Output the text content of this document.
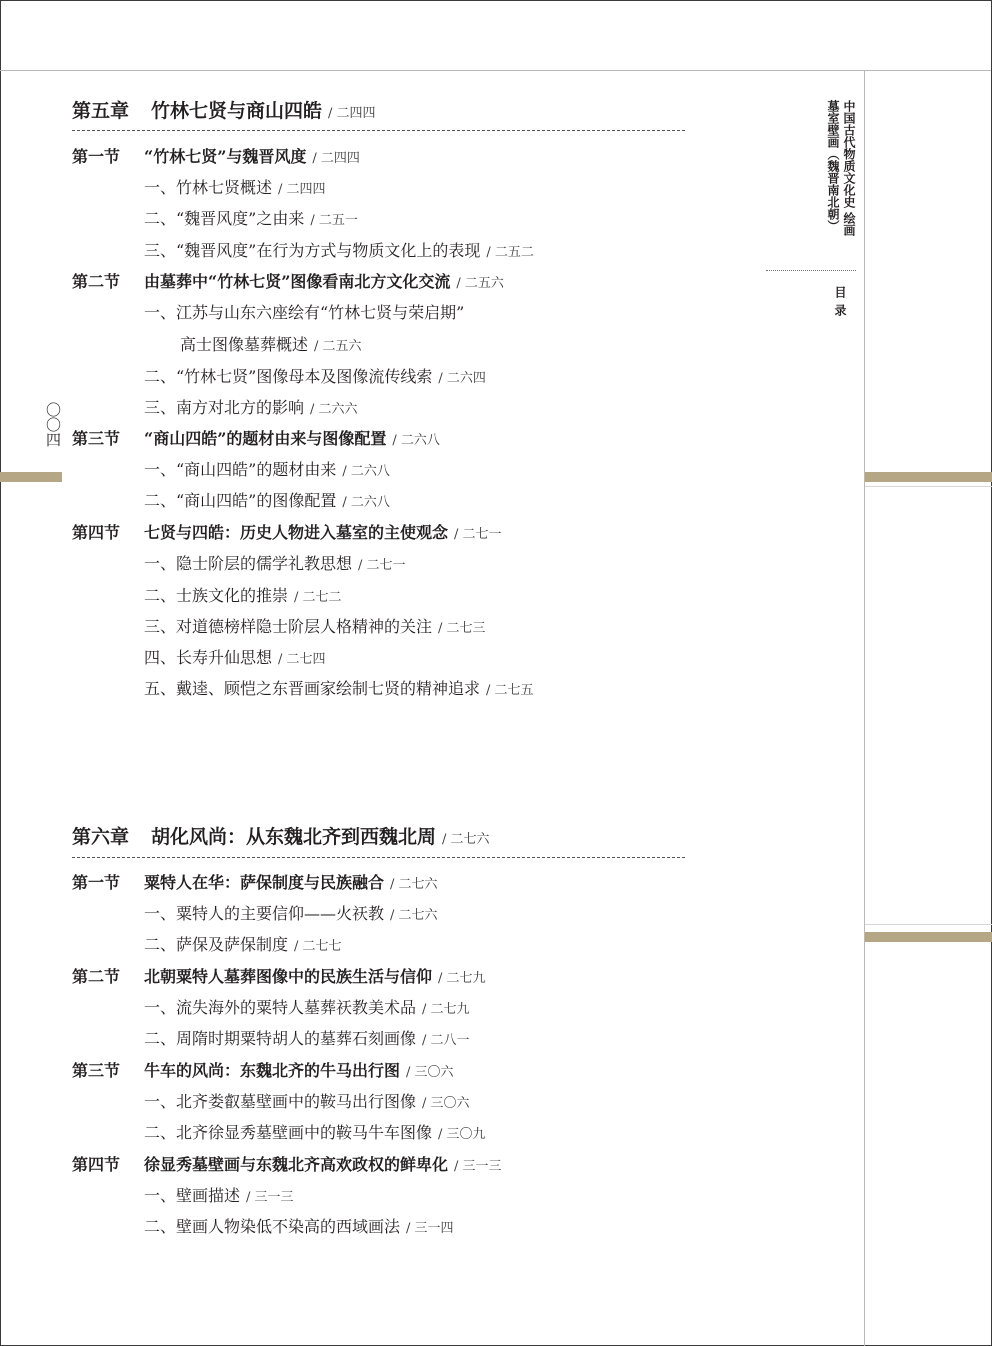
中国古代物质文化史 绘画
墓室壁画（魏晋南北朝）
目录
〇〇四
第五章 竹林七贤与商山四皓 / 二四四
第一节 “竹林七贤”与魏晋风度 / 二四四
一、竹林七贤概述 / 二四四
二、“魏晋风度”之由来 / 二五一
三、“魏晋风度”在行为方式与物质文化上的表现 / 二五二
第二节 由墓葬中“竹林七贤”图像看南北方文化交流 / 二五六
一、江苏与山东六座绘有“竹林七贤与荣启期”
高士图像墓葬概述 / 二五六
二、“竹林七贤”图像母本及图像流传线索 / 二六四
三、南方对北方的影响 / 二六六
第三节 “商山四皓”的题材由来与图像配置 / 二六八
一、“商山四皓”的题材由来 / 二六八
二、“商山四皓”的图像配置 / 二六八
第四节 七贤与四皓：历史人物进入墓室的主使观念 / 二七一
一、隐士阶层的儒学礼教思想 / 二七一
二、士族文化的推崇 / 二七二
三、对道德榜样隐士阶层人格精神的关注 / 二七三
四、长寿升仙思想 / 二七四
五、戴逵、顾恺之东晋画家绘制七贤的精神追求 / 二七五
第六章 胡化风尚：从东魏北齐到西魏北周 / 二七六
第一节 粟特人在华：萨保制度与民族融合 / 二七六
一、粟特人的主要信仰——火祆教 / 二七六
二、萨保及萨保制度 / 二七七
第二节 北朝粟特人墓葬图像中的民族生活与信仰 / 二七九
一、流失海外的粟特人墓葬祆教美术品 / 二七九
二、周隋时期粟特胡人的墓葬石刻画像 / 二八一
第三节 牛车的风尚：东魏北齐的牛马出行图 / 三〇六
一、北齐娄叡墓壁画中的鞍马出行图像 / 三〇六
二、北齐徐显秀墓壁画中的鞍马牛车图像 / 三〇九
第四节 徐显秀墓壁画与东魏北齐高欢政权的鲜卑化 / 三一三
一、壁画描述 / 三一三
二、壁画人物染低不染高的西域画法 / 三一四
